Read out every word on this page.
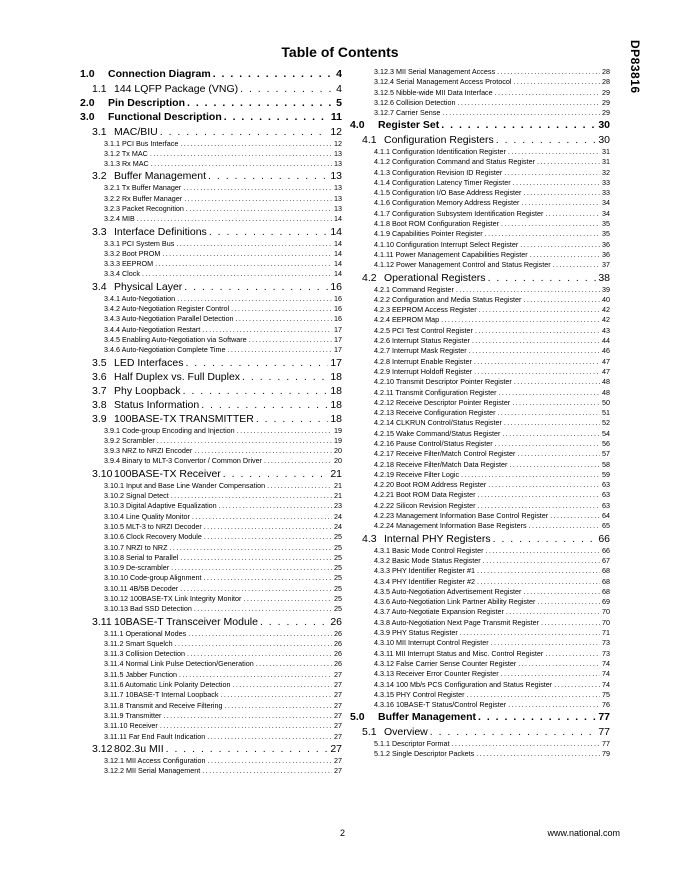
Table of Contents	DP83816
1.0 Connection Diagram . . .	4
1.1 144 LQFP Package (VNG) . . .	4
2.0 Pin Description . . .	5
3.0 Functional Description . . .	11
3.1 MAC/BIU . . .	12
3.1.1 PCI Bus Interface . . .	12
3.1.2 Tx MAC . . .	13
3.1.3 Rx MAC . . .	13
3.2 Buffer Management . . .	13
3.2.1 Tx Buffer Manager . . .	13
3.2.2 Rx Buffer Manager . . .	13
3.2.3 Packet Recognition . . .	13
3.2.4 MIB . . .	14
3.3 Interface Definitions . . .	14
3.3.1 PCI System Bus . . .	14
3.3.2 Boot PROM . . .	14
3.3.3 EEPROM . . .	14
3.3.4 Clock . . .	14
3.4 Physical Layer . . .	16
3.4.1 Auto-Negotiation . . .	16
3.4.2 Auto-Negotiation Register Control . . .	16
3.4.3 Auto-Negotiation Parallel Detection . . .	16
3.4.4 Auto-Negotiation Restart . . .	17
3.4.5 Enabling Auto-Negotiation via Software . . .	17
3.4.6 Auto-Negotiation Complete Time . . .	17
3.5 LED Interfaces . . .	17
3.6 Half Duplex vs. Full Duplex . . .	18
3.7 Phy Loopback . . .	18
3.8 Status Information . . .	18
3.9 100BASE-TX TRANSMITTER . . .	18
3.9.1 Code-group Encoding and Injection . . .	19
3.9.2 Scrambler . . .	19
3.9.3 NRZ to NRZI Encoder . . .	20
3.9.4 Binary to MLT-3 Convertor / Common Driver . . .	20
3.10 100BASE-TX Receiver . . .	21
3.10.1 Input and Base Line Wander Compensation . . .	21
3.10.2 Signal Detect . . .	21
3.10.3 Digital Adaptive Equalization . . .	23
3.10.4 Line Quality Monitor . . .	24
3.10.5 MLT-3 to NRZI Decoder . . .	24
3.10.6 Clock Recovery Module . . .	25
3.10.7 NRZI to NRZ . . .	25
3.10.8 Serial to Parallel . . .	25
3.10.9 De-scrambler . . .	25
3.10.10 Code-group Alignment . . .	25
3.10.11 4B/5B Decoder . . .	25
3.10.12 100BASE-TX Link Integrity Monitor . . .	25
3.10.13 Bad SSD Detection . . .	25
3.11 10BASE-T Transceiver Module . . .	26
3.11.1 Operational Modes . . .	26
3.11.2 Smart Squelch . . .	26
3.11.3 Collision Detection . . .	26
3.11.4 Normal Link Pulse Detection/Generation . . .	26
3.11.5 Jabber Function . . .	27
3.11.6 Automatic Link Polarity Detection . . .	27
3.11.7 10BASE-T Internal Loopback . . .	27
3.11.8 Transmit and Receive Filtering . . .	27
3.11.9 Transmitter . . .	27
3.11.10 Receiver . . .	27
3.11.11 Far End Fault Indication . . .	27
3.12 802.3u MII . . .	27
3.12.1 MII Access Configuration . . .	27
3.12.2 MII Serial Management . . .	27
3.12.3 MII Serial Management Access . . .	28
3.12.4 Serial Management Access Protocol . . .	28
3.12.5 Nibble-wide MII Data Interface . . .	29
3.12.6 Collision Detection . . .	29
3.12.7 Carrier Sense . . .	29
4.0 Register Set . . .	30
4.1 Configuration Registers . . .	30
4.1.1 Configuration Identification Register . . .	31
4.1.2 Configuration Command and Status Register . . .	31
4.1.3 Configuration Revision ID Register . . .	32
4.1.4 Configuration Latency Timer Register . . .	33
4.1.5 Configuration I/O Base Address Register . . .	33
4.1.6 Configuration Memory Address Register . . .	34
4.1.7 Configuration Subsystem Identification Register . . .	34
4.1.8 Boot ROM Configuration Register . . .	35
4.1.9 Capabilities Pointer Register . . .	35
4.1.10 Configuration Interrupt Select Register . . .	36
4.1.11 Power Management Capabilities Register . . .	36
4.1.12 Power Management Control and Status Register . . .	37
4.2 Operational Registers . . .	38
4.2.1 Command Register . . .	39
4.2.2 Configuration and Media Status Register . . .	40
4.2.3 EEPROM Access Register . . .	42
4.2.4 EEPROM Map . . .	42
4.2.5 PCI Test Control Register . . .	43
4.2.6 Interrupt Status Register . . .	44
4.2.7 Interrupt Mask Register . . .	46
4.2.8 Interrupt Enable Register . . .	47
4.2.9 Interrupt Holdoff Register . . .	47
4.2.10 Transmit Descriptor Pointer Register . . .	48
4.2.11 Transmit Configuration Register . . .	48
4.2.12 Receive Descriptor Pointer Register . . .	50
4.2.13 Receive Configuration Register . . .	51
4.2.14 CLKRUN Control/Status Register . . .	52
4.2.15 Wake Command/Status Register . . .	54
4.2.16 Pause Control/Status Register . . .	56
4.2.17 Receive Filter/Match Control Register . . .	57
4.2.18 Receive Filter/Match Data Register . . .	58
4.2.19 Receive Filter Logic . . .	59
4.2.20 Boot ROM Address Register . . .	63
4.2.21 Boot ROM Data Register . . .	63
4.2.22 Silicon Revision Register . . .	63
4.2.23 Management Information Base Control Register . . .	64
4.2.24 Management Information Base Registers . . .	65
4.3 Internal PHY Registers . . .	66
4.3.1 Basic Mode Control Register . . .	66
4.3.2 Basic Mode Status Register . . .	67
4.3.3 PHY Identifier Register #1 . . .	68
4.3.4 PHY Identifier Register #2 . . .	68
4.3.5 Auto-Negotiation Advertisement Register . . .	68
4.3.6 Auto-Negotiation Link Partner Ability Register . . .	69
4.3.7 Auto-Negotiate Expansion Register . . .	70
4.3.8 Auto-Negotiation Next Page Transmit Register . . .	70
4.3.9 PHY Status Register . . .	71
4.3.10 MII Interrupt Control Register . . .	73
4.3.11 MII Interrupt Status and Misc. Control Register . . .	73
4.3.12 False Carrier Sense Counter Register . . .	74
4.3.13 Receiver Error Counter Register . . .	74
4.3.14 100 Mb/s PCS Configuration and Status Register . . .	74
4.3.15 PHY Control Register . . .	75
4.3.16 10BASE-T Status/Control Register . . .	76
5.0 Buffer Management . . .	77
5.1 Overview . . .	77
5.1.1 Descriptor Format . . .	77
5.1.2 Single Descriptor Packets . . .	79
2	www.national.com
